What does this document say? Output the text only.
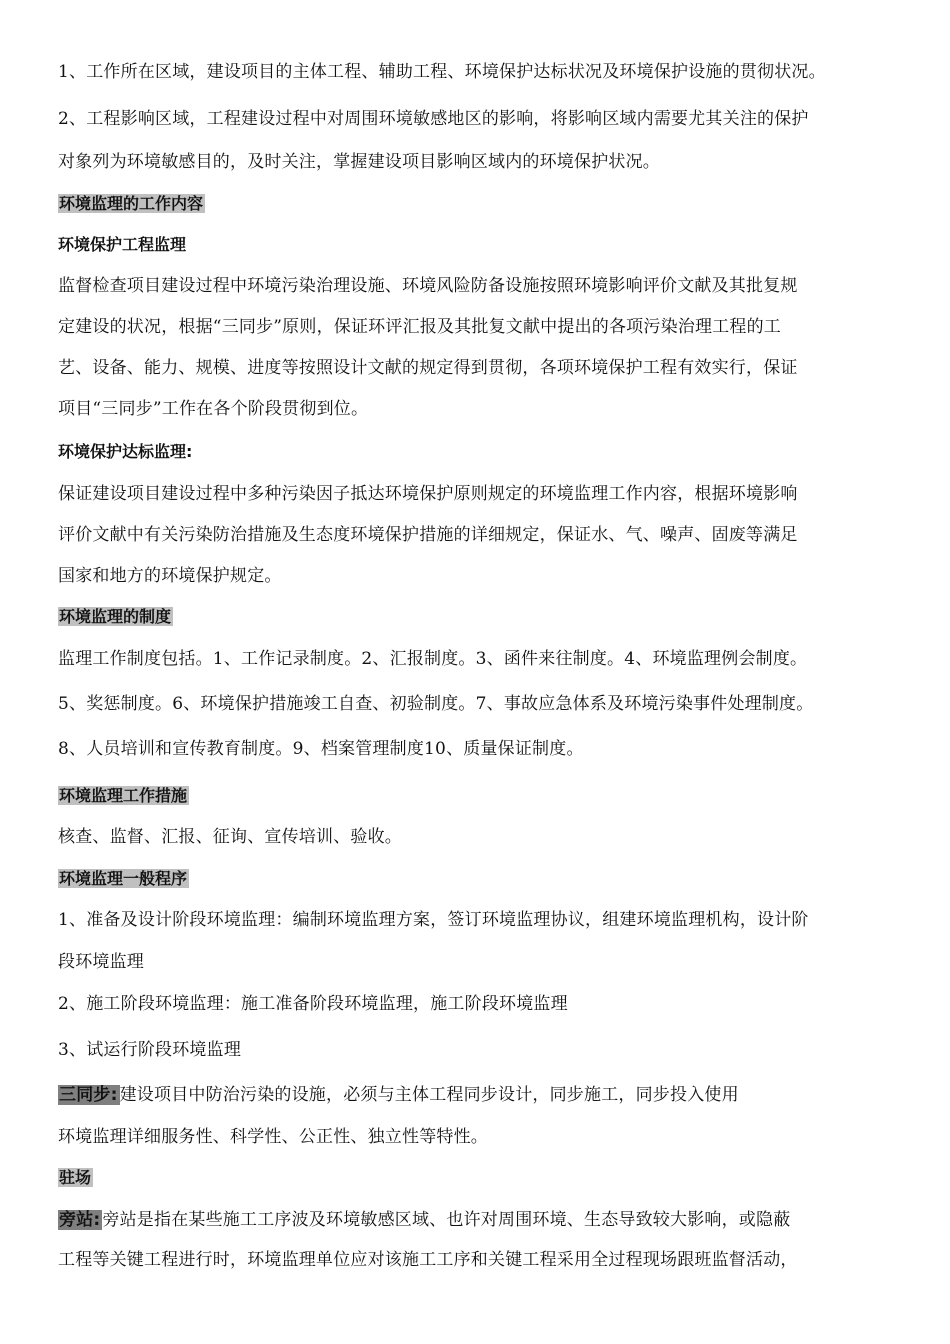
1、工作所在区域，建设项目的主体工程、辅助工程、环境保护达标状况及环境保护设施的贯彻状况。
2、工程影响区域，工程建设过程中对周围环境敏感地区的影响，将影响区域内需要尤其关注的保护
对象列为环境敏感目的，及时关注，掌握建设项目影响区域内的环境保护状况。
环境监理的工作内容
环境保护工程监理
监督检查项目建设过程中环境污染治理设施、环境风险防备设施按照环境影响评价文献及其批复规
定建设的状况，根据“三同步”原则，保证环评汇报及其批复文献中提出的各项污染治理工程的工
艺、设备、能力、规模、进度等按照设计文献的规定得到贯彻，各项环境保护工程有效实行，保证
项目“三同步”工作在各个阶段贯彻到位。
环境保护达标监理:
保证建设项目建设过程中多种污染因子抵达环境保护原则规定的环境监理工作内容，根据环境影响
评价文献中有关污染防治措施及生态度环境保护措施的详细规定，保证水、气、噪声、固废等满足
国家和地方的环境保护规定。
环境监理的制度
监理工作制度包括。1、工作记录制度。2、汇报制度。3、函件来往制度。4、环境监理例会制度。
5、奖惩制度。6、环境保护措施竣工自查、初验制度。7、事故应急体系及环境污染事件处理制度。
8、人员培训和宣传教育制度。9、档案管理制度10、质量保证制度。
环境监理工作措施
核查、监督、汇报、征询、宣传培训、验收。
环境监理一般程序
1、准备及设计阶段环境监理：编制环境监理方案，签订环境监理协议，组建环境监理机构，设计阶
段环境监理
2、施工阶段环境监理：施工准备阶段环境监理，施工阶段环境监理
3、试运行阶段环境监理
三同步: 建设项目中防治污染的设施，必须与主体工程同步设计，同步施工，同步投入使用
环境监理详细服务性、科学性、公正性、独立性等特性。
驻场
旁站: 旁站是指在某些施工工序波及环境敏感区域、也许对周围环境、生态导致较大影响，或隐蔽
工程等关键工程进行时，环境监理单位应对该施工工序和关键工程采用全过程现场跟班监督活动，
